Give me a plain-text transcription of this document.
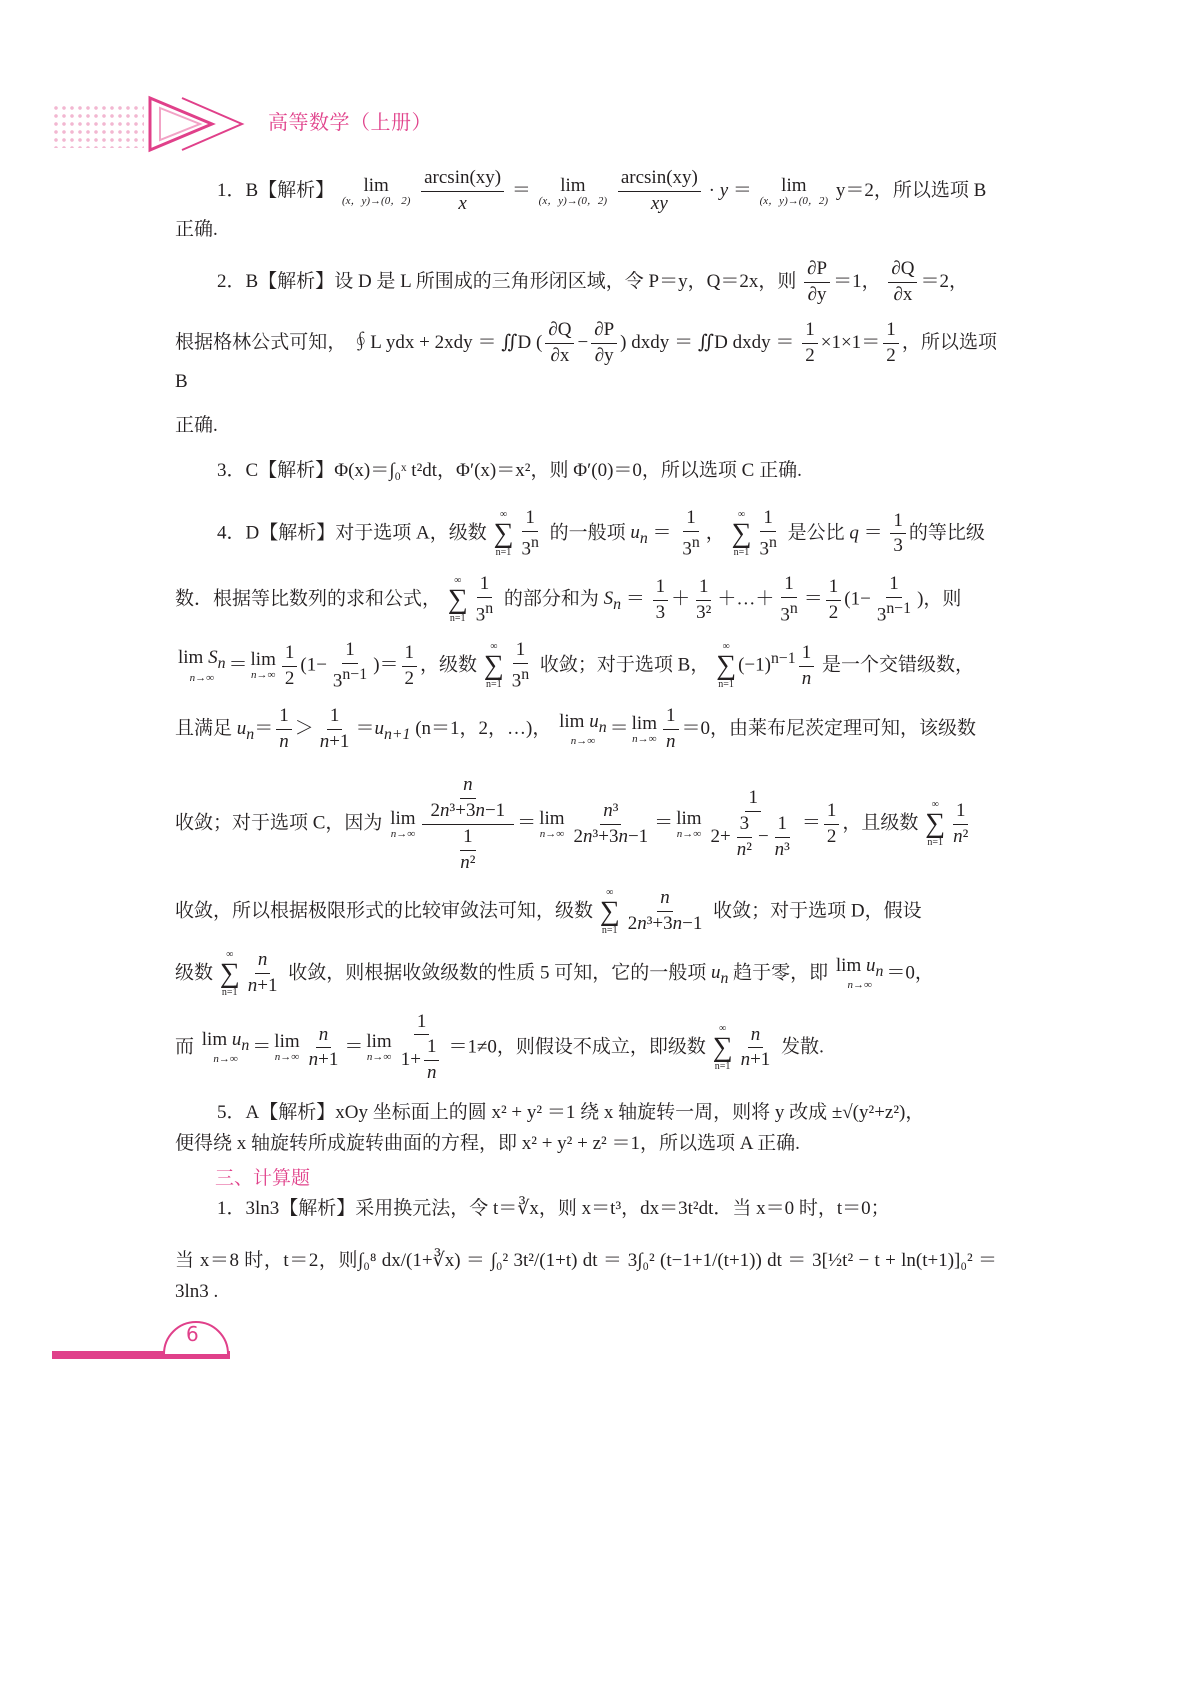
高等数学（上册）

1．B【解析】 lim
(x，y)→(0，2)
$\frac{\arcsin(xy)}{x} = \lim$
(x，y)→(0，2)
$\frac{\arcsin(xy)}{xy} \cdot y = \lim$
(x，y)→(0，2) y＝2，所以选项 B

正确.

2．B【解析】设 D 是 L 所围成的三角形闭区域，令 P＝y，Q＝2x，则 $\frac{\partial P}{\partial y} =1$， $\frac{\partial Q}{\partial x} =2$，

根据格林公式可知， ∮L ydx + 2xdy ＝ ∬D ( $\frac{\partial Q}{\partial x} - \frac{\partial P}{\partial y}$ ) dxdy ＝ ∬D dxdy ＝ $\frac{1}{2} \times 1\times 1= \frac{1}{2}$ ，所以选项 B

正确.

3．C【解析】Φ(x)＝∫₀ˣ t²dt，Φ′(x)＝x²，则 Φ′(0)＝0，所以选项 C 正确.

4．D【解析】对于选项 A，级数
∞
∑
$n=1 \frac{1}{3^n}$ 的一般项 $u_n = \frac{1}{3^n}$ ，
∞
∑
$n=1 \frac{1}{3^n}$ 是公比 $q = \frac{1}{3}$ 的等比级

数．根据等比数列的求和公式，
∞
∑
$n=1 \frac{1}{3^n}$ 的部分和为 $S_n = \frac{1}{3} + \frac{1}{\text{3²}}$ ＋…＋ $\frac{1}{3^n} = \frac{1}{2} (1- \frac{1}{3^{n-1}}$ )，则

$\lim S_n$
n→∞
＝ lim
$n\to\infty \frac{1}{2} (1- \frac{1}{3^{n-1}}$ )＝ $\frac{1}{2}$ ，级数
∞
∑
$n=1 \frac{1}{3^n}$ 收敛；对于选项 B，
∞
∑
n=1
$(-1)^{n-1} \frac{1}{n}$ 是一个交错级数，

且满足 $u_n= \frac{1}{n} > \frac{1}{n+1} =u_{n+1}$ (n＝1，2，…)， $\lim u_n$
n→∞
＝ lim
$n\to\infty \frac{1}{n} =0$，由莱布尼茨定理可知，该级数

收敛；对于选项 C，因为 lim
$n\to\infty \frac{\frac{n}{\text{2n³+3n−1}}}{\frac{1}{\text{n²}}} = \lim$
$n\to\infty \frac{\text{n³}}{\text{2n³+3n−1}} = \lim$
$n\to\infty \frac{1}{2+ \frac{3}{\text{n²}} - \frac{1}{\text{n³}}} = \frac{1}{2}$ ，且级数
∞
∑
$n=1 \frac{1}{\text{n²}}$

收敛，所以根据极限形式的比较审敛法可知，级数
∞
∑
$n=1 \frac{n}{\text{2n³+3n−1}}$ 收敛；对于选项 D，假设

级数
∞
∑
$n=1 \frac{n}{n+1}$ 收敛，则根据收敛级数的性质 5 可知，它的一般项 $u_n$ 趋于零，即 $\lim u_n$
n→∞
＝0，

而 $\lim u_n$
n→∞
＝ lim
$n\to\infty \frac{n}{n+1} = \lim$
$n\to\infty \frac{1}{1+ \frac{1}{n}} =1\ne 0$，则假设不成立，即级数
∞
∑
$n=1 \frac{n}{n+1}$ 发散.

5．A【解析】xOy 坐标面上的圆 x² + y² ＝1 绕 x 轴旋转一周，则将 y 改成 ±√(y²+z²)，

便得绕 x 轴旋转所成旋转曲面的方程，即 x² + y² + z² ＝1，所以选项 A 正确.

三、计算题

1．3ln3【解析】采用换元法，令 t＝∛x，则 x＝t³，dx＝3t²dt．当 x＝0 时，t＝0；

当 x＝8 时，t＝2，则∫₀⁸ dx/(1+∛x) ＝ ∫₀² 3t²/(1+t) dt ＝ 3∫₀² (t−1+1/(t+1)) dt ＝ 3[½t² − t + ln(t+1)]₀² ＝ 3ln3 .

6
